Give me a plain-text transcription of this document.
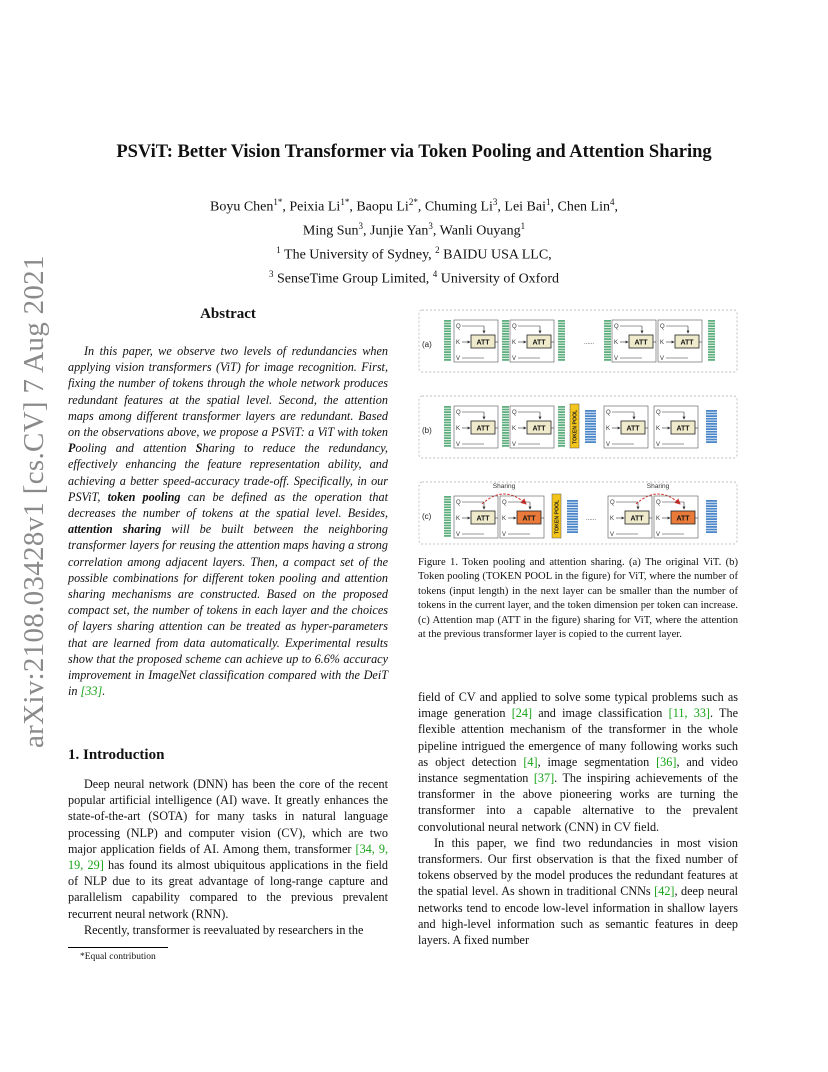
PSViT: Better Vision Transformer via Token Pooling and Attention Sharing
Boyu Chen$^{1*}$, Peixia $Li^{1*}$, Baopu $Li^{2*}$, Chuming Li$^3$, Lei Bai$^1$, Chen Lin$^4$,
Ming Sun$^3$, Junjie Yan$^3$, Wanli Ouyang$^1$
$^1$ The University of Sydney, $^2$ BAIDU USA LLC,
$^3$ SenseTime Group Limited, $^4$ University of Oxford
arXiv:2108.03428v1 [cs.CV] 7 Aug 2021	Abstract
In this paper, we observe two levels of redundancies when applying vision transformers (ViT) for image recognition. First, fixing the number of tokens through the whole network produces redundant features at the spatial level. Second, the attention maps among different transformer layers are redundant. Based on the observations above, we propose a PSViT: a ViT with token Pooling and attention Sharing to reduce the redundancy, effectively enhancing the feature representation ability, and achieving a better speed-accuracy trade-off. Specifically, in our PSViT, token pooling can be defined as the operation that decreases the number of tokens at the spatial level. Besides, attention sharing will be built between the neighboring transformer layers for reusing the attention maps having a strong correlation among adjacent layers. Then, a compact set of the possible combinations for different token pooling and attention sharing mechanisms are constructed. Based on the proposed compact set, the number of tokens in each layer and the choices of layers sharing attention can be treated as hyper-parameters that are learned from data automatically. Experimental results show that the proposed scheme can achieve up to 6.6% accuracy improvement in ImageNet classification compared with the DeiT in [33].
1. Introduction

Deep neural network (DNN) has been the core of the recent popular artificial intelligence (AI) wave. It greatly enhances the state-of-the-art (SOTA) for many tasks in natural language processing (NLP) and computer vision (CV), which are two major application fields of AI. Among them, transformer [34, 9, 19, 29] has found its almost ubiquitous applications in the field of NLP due to its great advantage of long-range capture and parallelism capability compared to the previous prevalent recurrent neural network (RNN).

Recently, transformer is reevaluated by researchers in the

*Equal contribution
(a)
Q
K
V
ATT
Q
K
V
ATT	......
Q
K
V
ATT
Q
K
V
ATT
(b)
Q
K
V
ATT
Q
K
V
ATT	TOKEN POOL	Q
K
V
ATT
Q
K
V
ATT
(c)
Sharing	Sharing
Q
K
V
ATT
Q
K
V
ATT	TOKEN POOL	......
Q
K
V
ATT
Q
K
V
ATT
Figure 1. Token pooling and attention sharing. (a) The original ViT. (b) Token pooling (TOKEN POOL in the figure) for ViT, where the number of tokens (input length) in the next layer can be smaller than the number of tokens in the current layer, and the token dimension per token can increase. (c) Attention map (ATT in the figure) sharing for ViT, where the attention at the previous transformer layer is copied to the current layer.

field of CV and applied to solve some typical problems such as image generation [24] and image classification [11, 33]. The flexible attention mechanism of the transformer in the whole pipeline intrigued the emergence of many following works such as object detection [4], image segmentation [36], and video instance segmentation [37]. The inspiring achievements of the transformer in the above pioneering works are turning the transformer into a capable alternative to the prevalent convolutional neural network (CNN) in CV field.

In this paper, we find two redundancies in most vision transformers. Our first observation is that the fixed number of tokens observed by the model produces the redundant features at the spatial level. As shown in traditional CNNs [42], deep neural networks tend to encode low-level information in shallow layers and high-level information such as semantic features in deep layers. A fixed number
